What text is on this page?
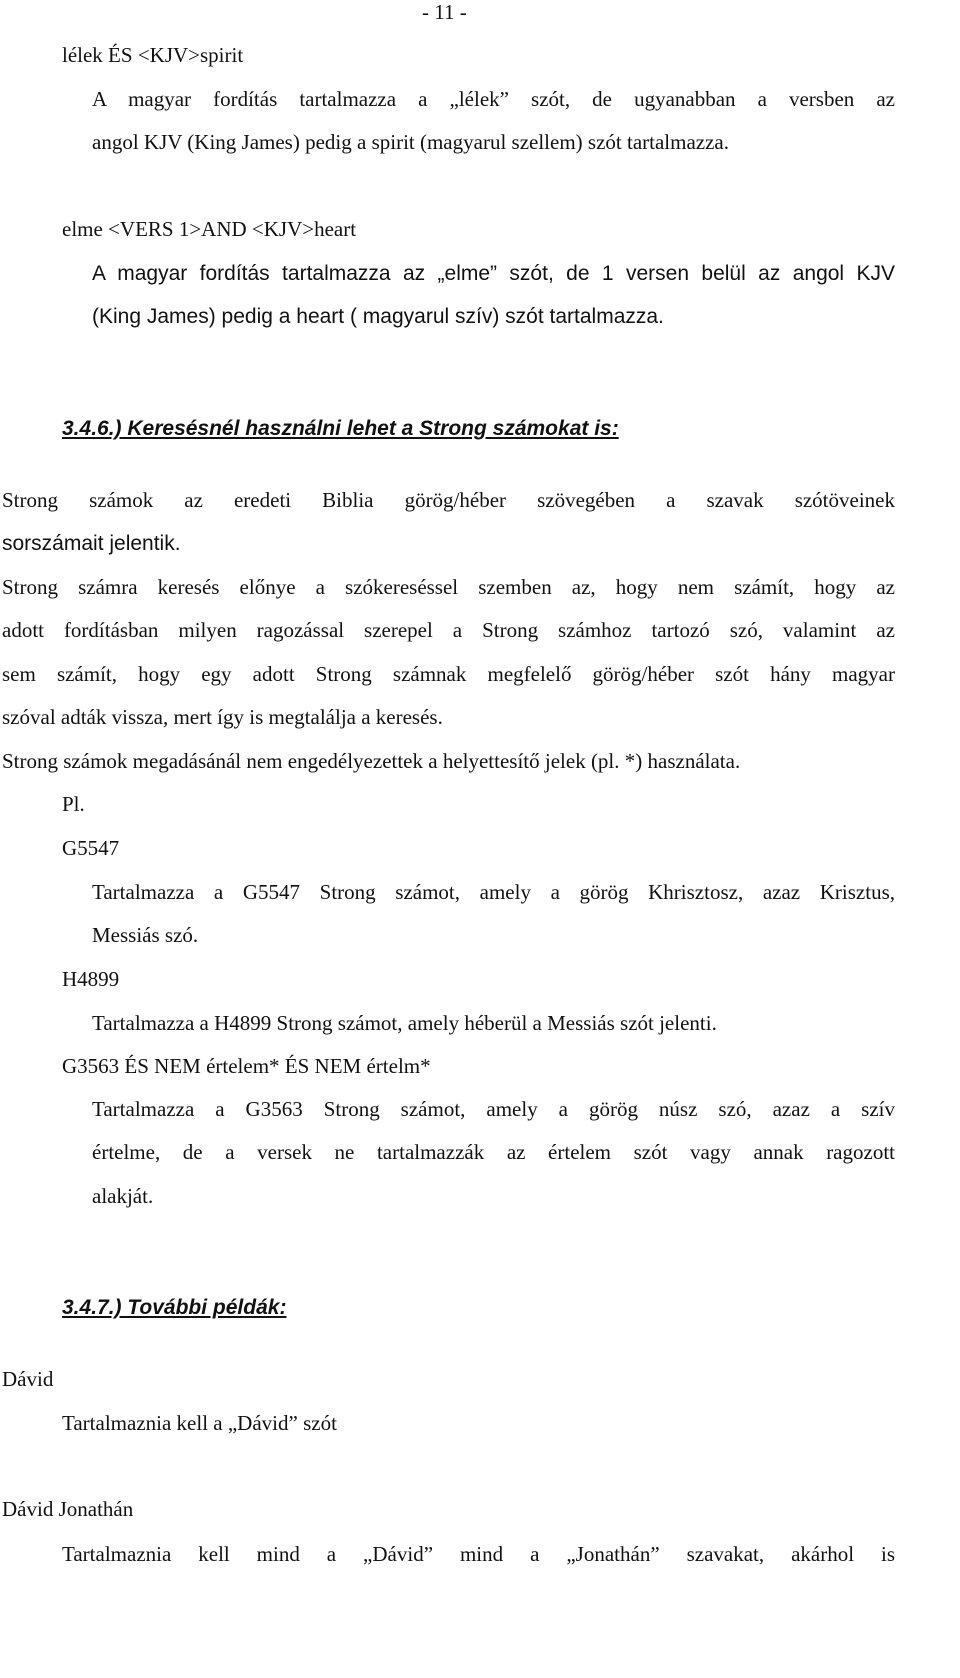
- 11 -
lélek ÉS <KJV>spirit
A magyar fordítás tartalmazza a „lélek” szót, de ugyanabban a versben az
angol KJV (King James) pedig a spirit (magyarul szellem) szót tartalmazza.
elme <VERS 1>AND <KJV>heart
A magyar fordítás tartalmazza az „elme” szót, de 1 versen belül az angol KJV
(King James) pedig a heart ( magyarul szív) szót tartalmazza.
3.4.6.) Keresésnél használni lehet a Strong számokat is:
Strong számok az eredeti Biblia görög/héber szövegében a szavak szótöveinek
sorszámait jelentik.
Strong számra keresés előnye a szókereséssel szemben az, hogy nem számít, hogy az
adott fordításban milyen ragozással szerepel a Strong számhoz tartozó szó, valamint az
sem számít, hogy egy adott Strong számnak megfelelő görög/héber szót hány magyar
szóval adták vissza, mert így is megtalálja a keresés.
Strong számok megadásánál nem engedélyezettek a helyettesítő jelek (pl. *) használata.
Pl.
G5547
Tartalmazza a G5547 Strong számot, amely a görög Khrisztosz, azaz Krisztus,
Messiás szó.
H4899
Tartalmazza a H4899 Strong számot, amely héberül a Messiás szót jelenti.
G3563 ÉS NEM értelem* ÉS NEM értelm*
Tartalmazza a G3563 Strong számot, amely a görög núsz szó, azaz a szív
értelme, de a versek ne tartalmazzák az értelem szót vagy annak ragozott
alakját.
3.4.7.) További példák:
Dávid
Tartalmaznia kell a „Dávid” szót
Dávid Jonathán
Tartalmaznia kell mind a „Dávid” mind a „Jonathán” szavakat, akárhol is
